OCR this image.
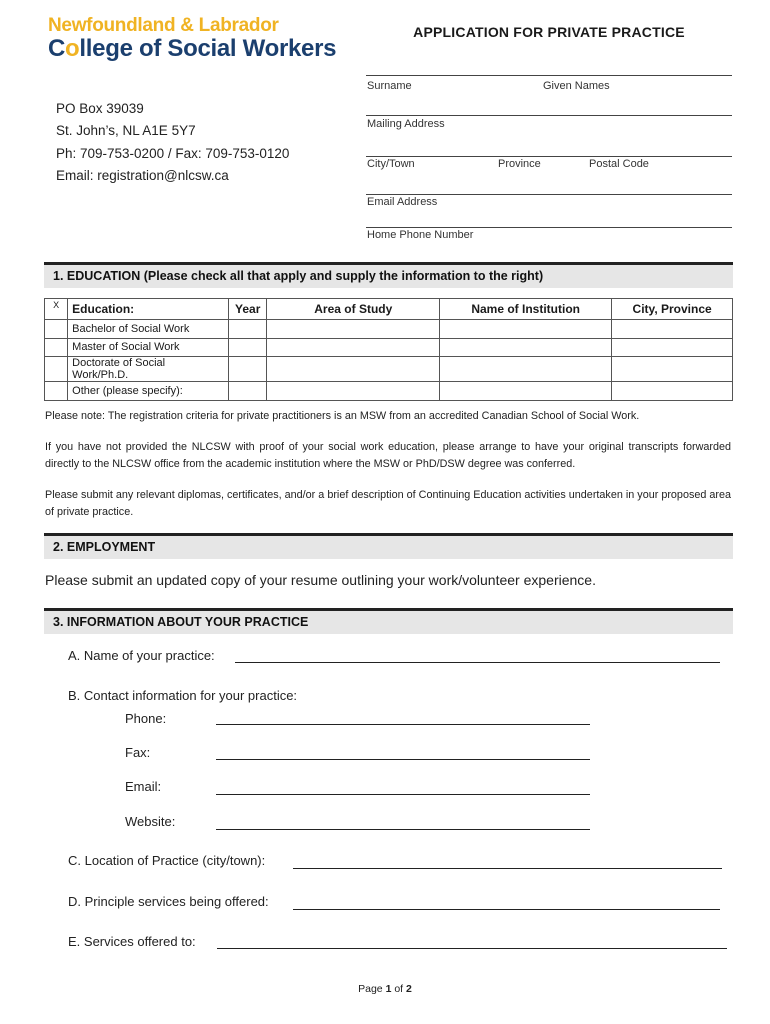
Newfoundland & Labrador
College of Social Workers
PO Box 39039
St. John’s, NL A1E 5Y7
Ph: 709-753-0200 / Fax: 709-753-0120
Email: registration@nlcsw.ca
APPLICATION FOR PRIVATE PRACTICE
Surname	Given Names
Mailing Address
City/Town	Province	Postal Code
Email Address
Home Phone Number
1. EDUCATION (Please check all that apply and supply the information to the right)
X	Education:	Year	Area of Study	Name of Institution	City, Province
	Bachelor of Social Work				
	Master of Social Work				
	Doctorate of Social Work/Ph.D.				
	Other (please specify):				
Please note: The registration criteria for private practitioners is an MSW from an accredited Canadian School of Social Work.
If you have not provided the NLCSW with proof of your social work education, please arrange to have your original transcripts forwarded directly to the NLCSW office from the academic institution where the MSW or PhD/DSW degree was conferred.
Please submit any relevant diplomas, certificates, and/or a brief description of Continuing Education activities undertaken in your proposed area of private practice.
2. EMPLOYMENT
Please submit an updated copy of your resume outlining your work/volunteer experience.
3. INFORMATION ABOUT YOUR PRACTICE
A. Name of your practice:
B. Contact information for your practice:
Phone:
Fax:
Email:
Website:
C. Location of Practice (city/town):
D. Principle services being offered:
E. Services offered to:
Page 1 of 2
